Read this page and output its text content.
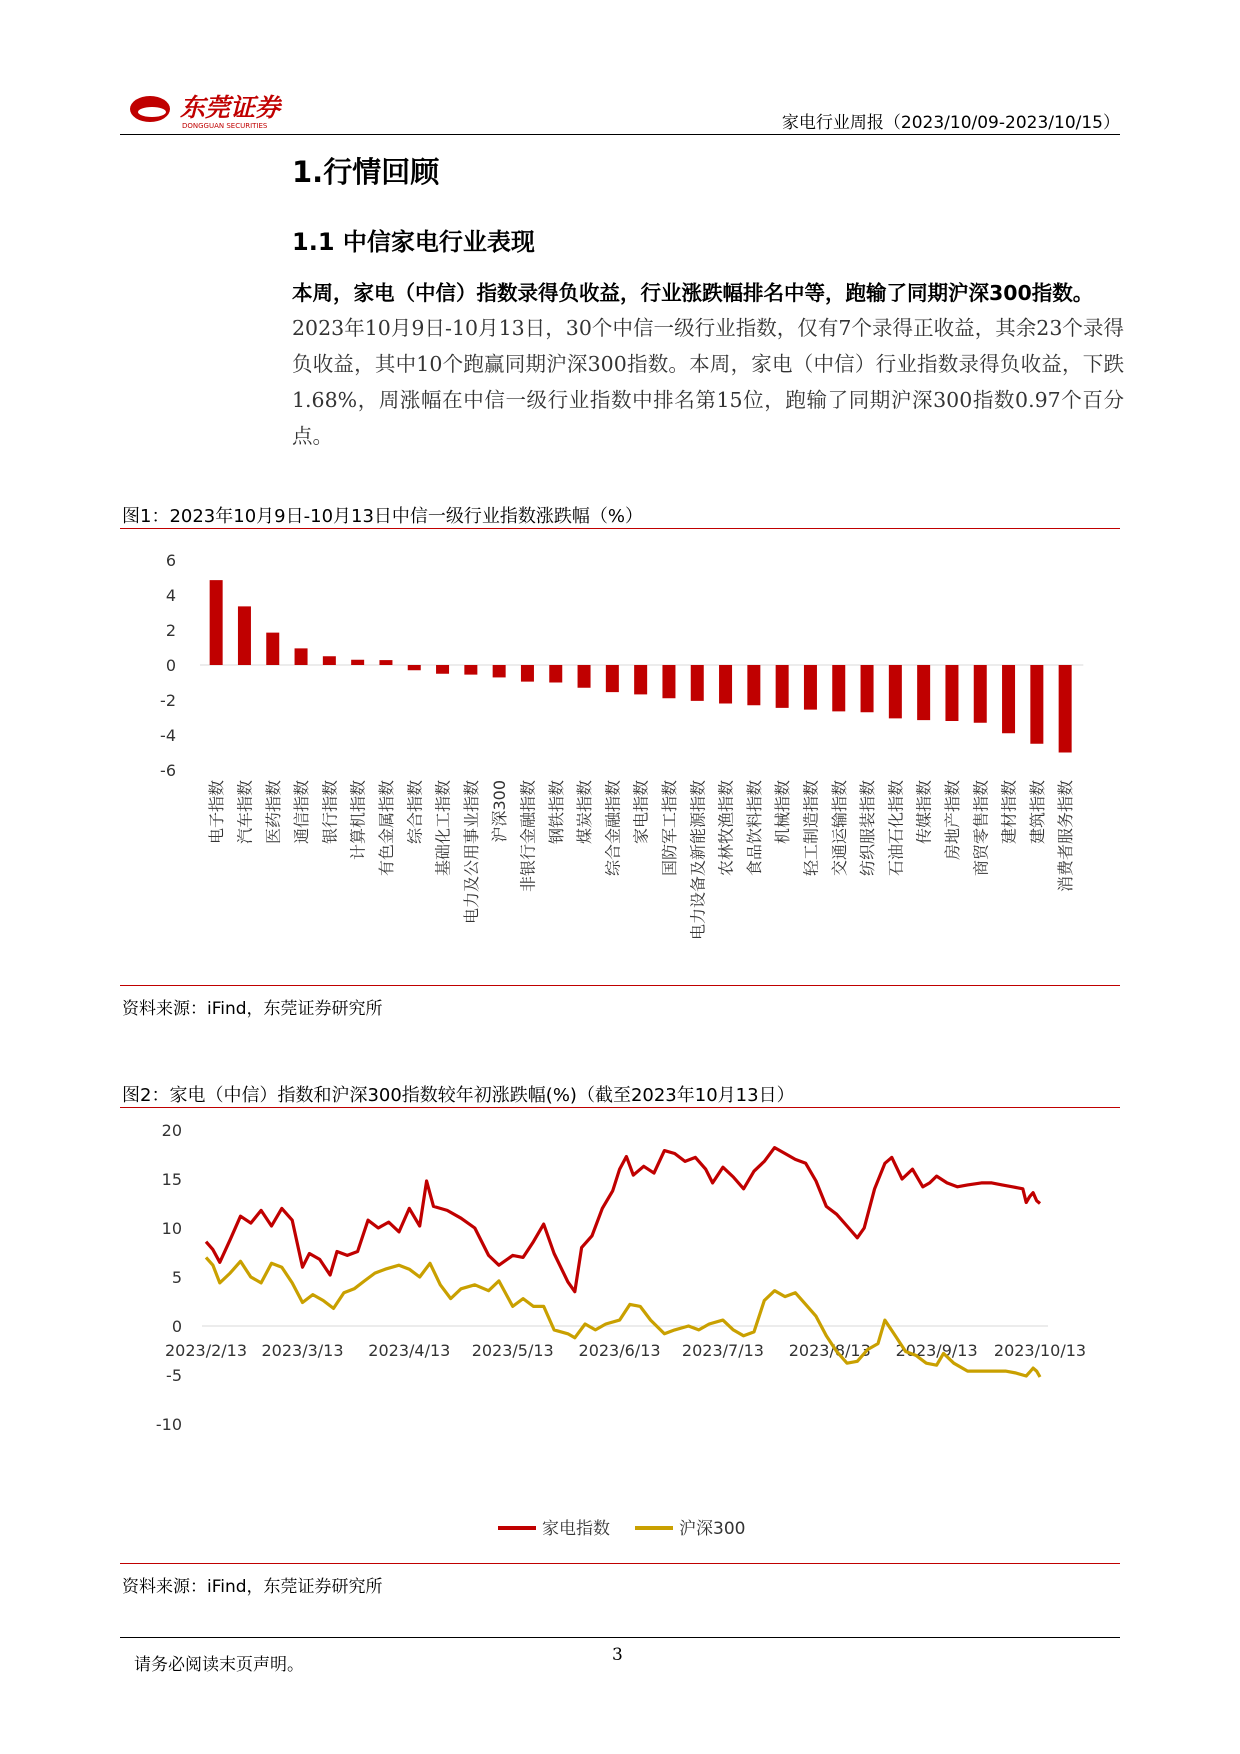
东莞证券
DONGGUAN SECURITIES	家电行业周报（2023/10/09-2023/10/15）
1.行情回顾
1.1 中信家电行业表现
本周，家电（中信）指数录得负收益，行业涨跌幅排名中等，跑输了同期沪深300指数。
2023年10月9日-10月13日，30个中信一级行业指数，仅有7个录得正收益，其余23个录得负收益，其中10个跑赢同期沪深300指数。本周，家电（中信）行业指数录得负收益，下跌1.68%，周涨幅在中信一级行业指数中排名第15位，跑输了同期沪深300指数0.97个百分点。
图1：2023年10月9日-10月13日中信一级行业指数涨跌幅（%）
6
4
2
0
-2
-4
-6
电子指数 汽车指数 医药指数 通信指数 银行指数 计算机指数 有色金属指数 综合指数 基础化工指数 电力及公用事业指数 沪深300 非银行金融指数 钢铁指数 煤炭指数 综合金融指数 家电指数 国防军工指数 电力设备及新能源指数 农林牧渔指数 食品饮料指数 机械指数 轻工制造指数 交通运输指数 纺织服装指数 石油石化指数 传媒指数 房地产指数 商贸零售指数 建材指数 建筑指数 消费者服务指数
资料来源：iFind，东莞证券研究所
图2：家电（中信）指数和沪深300指数较年初涨跌幅(%)（截至2023年10月13日）
20
15
10
5
0
-5
-10
2023/2/13 2023/3/13 2023/4/13 2023/5/13 2023/6/13 2023/7/13 2023/8/13 2023/9/13 2023/10/13
家电指数	沪深300
资料来源：iFind，东莞证券研究所
请务必阅读末页声明。	3
